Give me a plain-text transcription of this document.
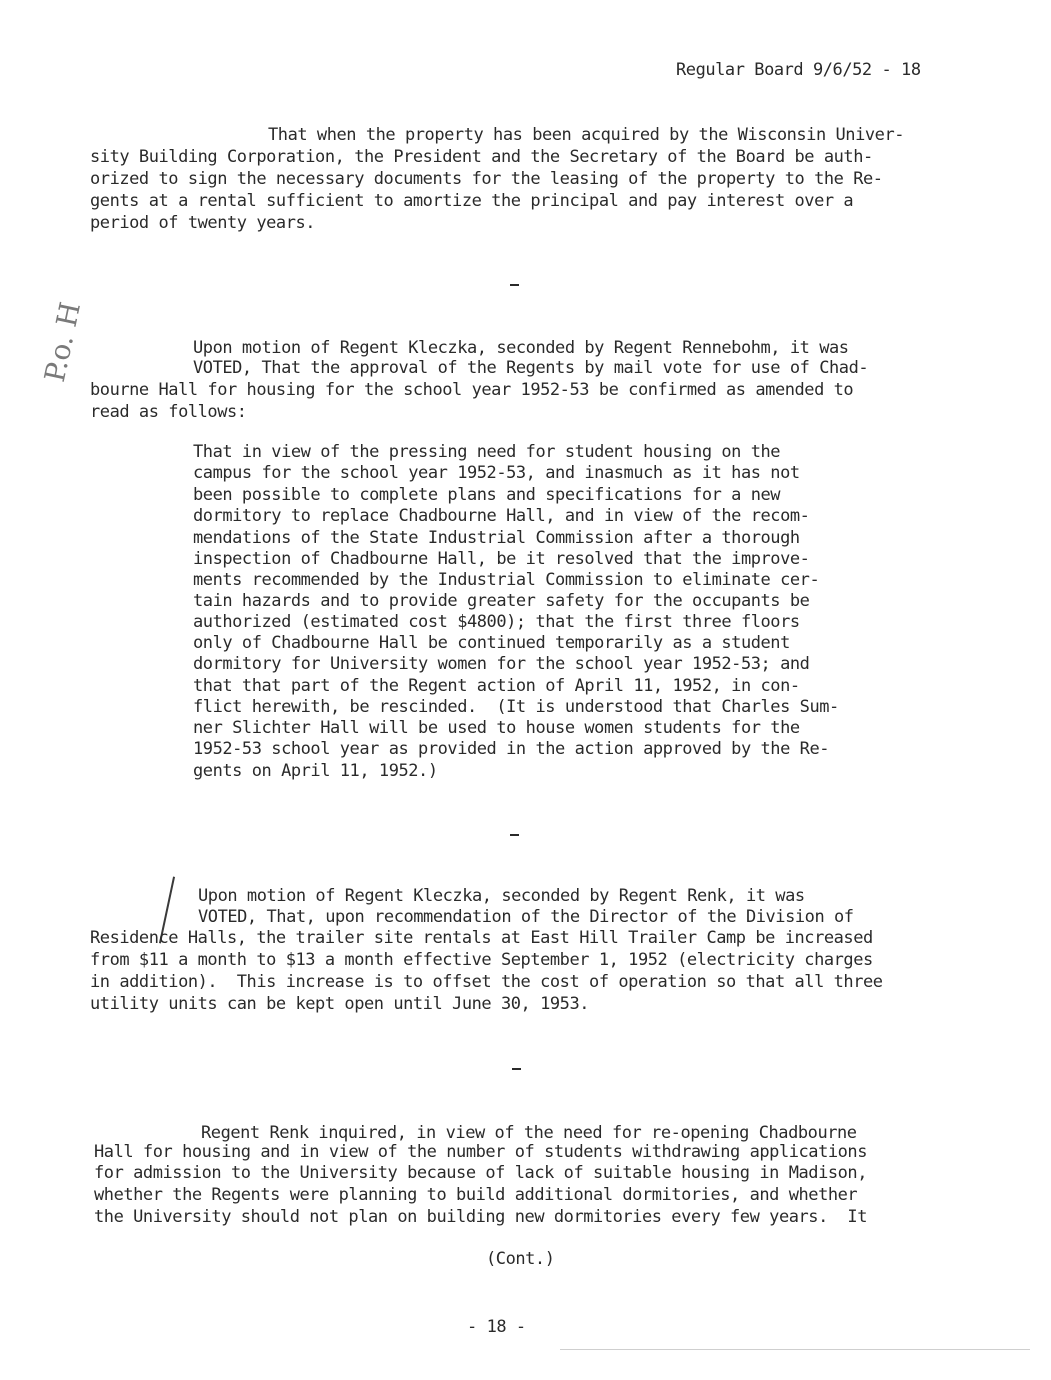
Regular Board 9/6/52 - 18
That when the property has been acquired by the Wisconsin Univer-
sity Building Corporation, the President and the Secretary of the Board be auth-
orized to sign the necessary documents for the leasing of the property to the Re-
gents at a rental sufficient to amortize the principal and pay interest over a
period of twenty years.
P.o. H	Upon motion of Regent Kleczka, seconded by Regent Rennebohm, it was
VOTED, That the approval of the Regents by mail vote for use of Chad-
bourne Hall for housing for the school year 1952-53 be confirmed as amended to
read as follows:
That in view of the pressing need for student housing on the
campus for the school year 1952-53, and inasmuch as it has not
been possible to complete plans and specifications for a new
dormitory to replace Chadbourne Hall, and in view of the recom-
mendations of the State Industrial Commission after a thorough
inspection of Chadbourne Hall, be it resolved that the improve-
ments recommended by the Industrial Commission to eliminate cer-
tain hazards and to provide greater safety for the occupants be
authorized (estimated cost $4800); that the first three floors
only of Chadbourne Hall be continued temporarily as a student
dormitory for University women for the school year 1952-53; and
that that part of the Regent action of April 11, 1952, in con-
flict herewith, be rescinded.  (It is understood that Charles Sum-
ner Slichter Hall will be used to house women students for the
1952-53 school year as provided in the action approved by the Re-
gents on April 11, 1952.)
Upon motion of Regent Kleczka, seconded by Regent Renk, it was
VOTED, That, upon recommendation of the Director of the Division of
Residence Halls, the trailer site rentals at East Hill Trailer Camp be increased
from $11 a month to $13 a month effective September 1, 1952 (electricity charges
in addition).  This increase is to offset the cost of operation so that all three
utility units can be kept open until June 30, 1953.
Regent Renk inquired, in view of the need for re-opening Chadbourne
Hall for housing and in view of the number of students withdrawing applications
for admission to the University because of lack of suitable housing in Madison,
whether the Regents were planning to build additional dormitories, and whether
the University should not plan on building new dormitories every few years.  It
(Cont.)
- 18 -
